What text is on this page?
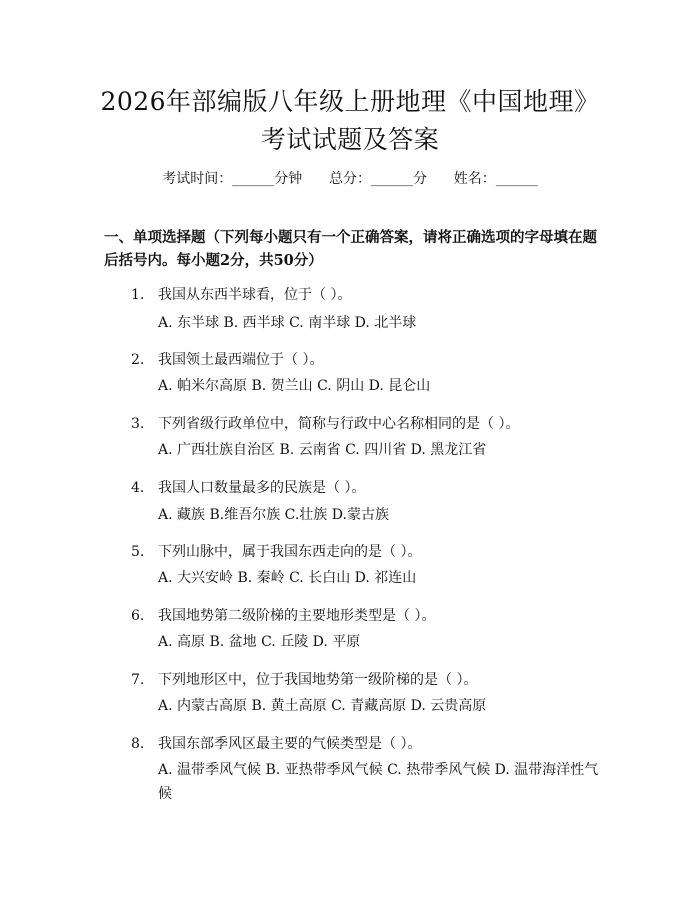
2026年部编版八年级上册地理《中国地理》
考试试题及答案
考试时间：______分钟      总分：______分      姓名：______
一、单项选择题（下列每小题只有一个正确答案，请将正确选项的字母填在题后括号内。每小题2分，共50分）
1. 我国从东西半球看，位于（ ）。
A. 东半球 B. 西半球 C. 南半球 D. 北半球
2. 我国领土最西端位于（ ）。
A. 帕米尔高原 B. 贺兰山 C. 阴山 D. 昆仑山
3. 下列省级行政单位中，简称与行政中心名称相同的是（ ）。
A. 广西壮族自治区 B. 云南省 C. 四川省 D. 黑龙江省
4. 我国人口数量最多的民族是（ ）。
A. 藏族 B.维吾尔族 C.壮族 D.蒙古族
5. 下列山脉中，属于我国东西走向的是（ ）。
A. 大兴安岭 B. 秦岭 C. 长白山 D. 祁连山
6. 我国地势第二级阶梯的主要地形类型是（ ）。
A. 高原 B. 盆地 C. 丘陵 D. 平原
7. 下列地形区中，位于我国地势第一级阶梯的是（ ）。
A. 内蒙古高原 B. 黄土高原 C. 青藏高原 D. 云贵高原
8. 我国东部季风区最主要的气候类型是（ ）。
A. 温带季风气候 B. 亚热带季风气候 C. 热带季风气候 D. 温带海洋性气候
